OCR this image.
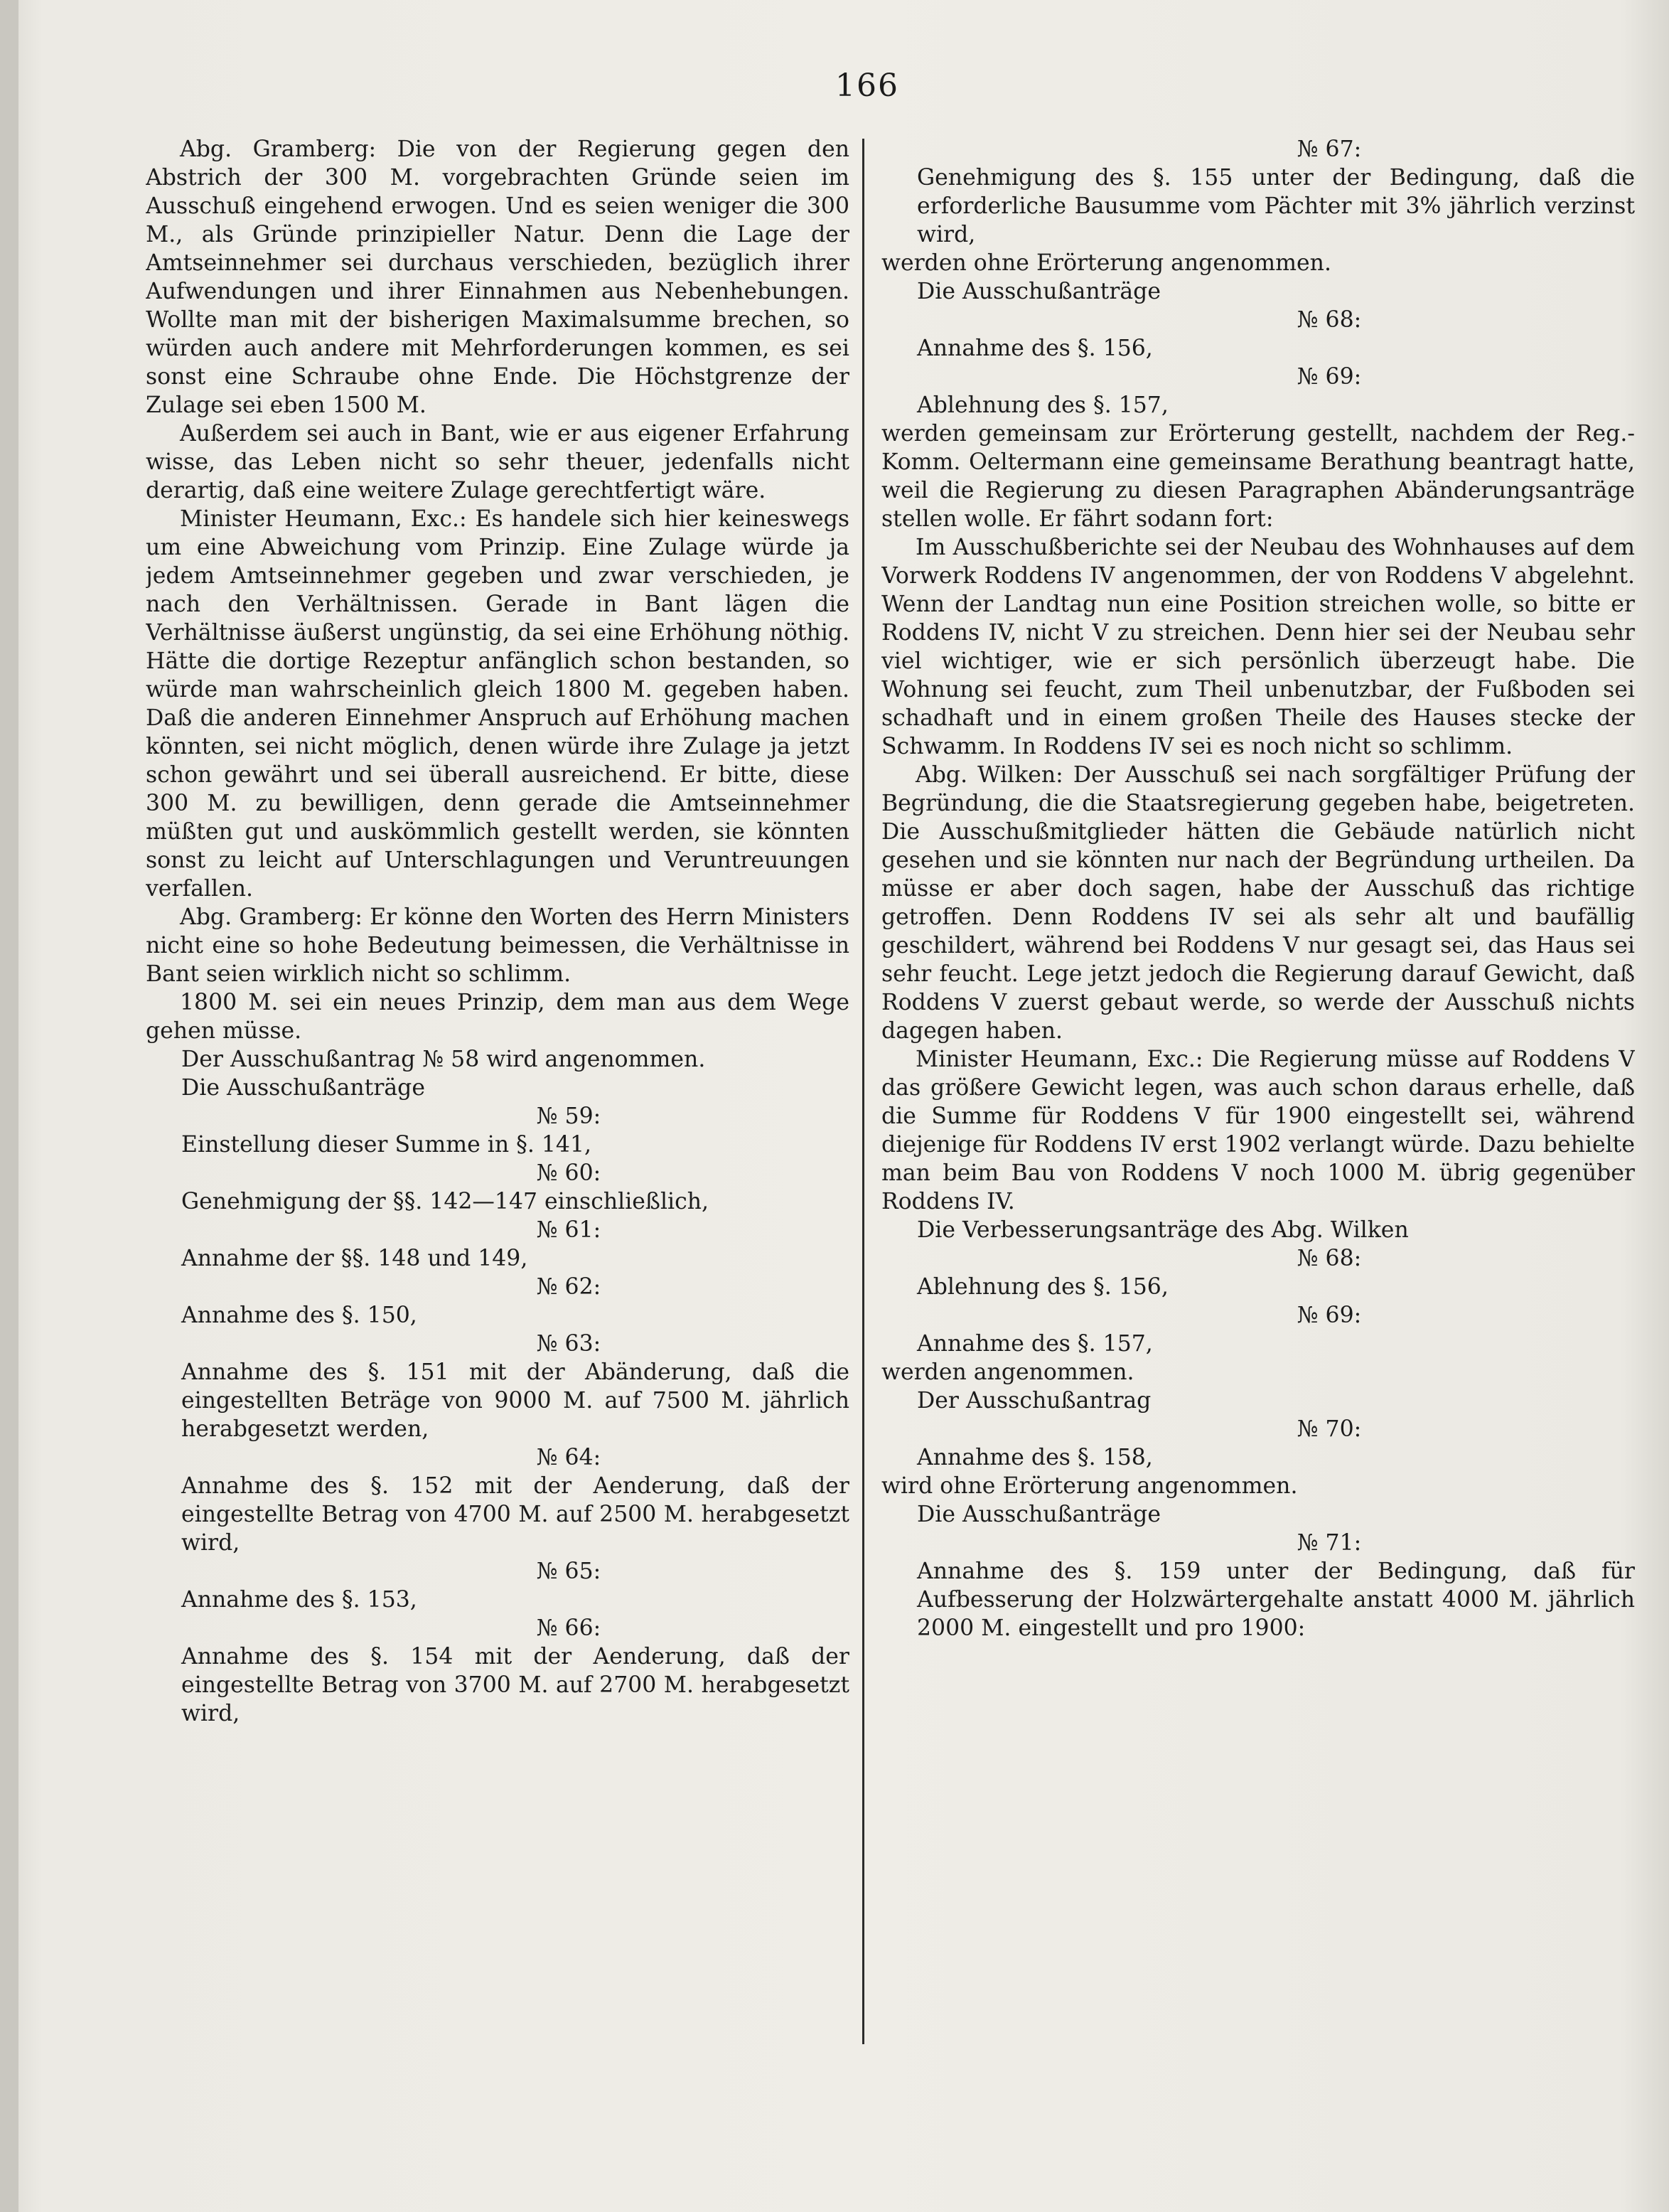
166

Abg. Gramberg: Die von der Regierung gegen den Abstrich der 300 M. vorgebrachten Gründe seien im Ausschuß eingehend erwogen. Und es seien weniger die 300 M., als Gründe prinzipieller Natur. Denn die Lage der Amtseinnehmer sei durchaus verschieden, bezüglich ihrer Aufwendungen und ihrer Einnahmen aus Nebenhebungen. Wollte man mit der bisherigen Maximalsumme brechen, so würden auch andere mit Mehrforderungen kommen, es sei sonst eine Schraube ohne Ende. Die Höchstgrenze der Zulage sei eben 1500 M.

Außerdem sei auch in Bant, wie er aus eigener Erfahrung wisse, das Leben nicht so sehr theuer, jedenfalls nicht derartig, daß eine weitere Zulage gerechtfertigt wäre.

Minister Heumann, Exc.: Es handele sich hier keineswegs um eine Abweichung vom Prinzip. Eine Zulage würde ja jedem Amtseinnehmer gegeben und zwar verschieden, je nach den Verhältnissen. Gerade in Bant lägen die Verhältnisse äußerst ungünstig, da sei eine Erhöhung nöthig. Hätte die dortige Rezeptur anfänglich schon bestanden, so würde man wahrscheinlich gleich 1800 M. gegeben haben. Daß die anderen Einnehmer Anspruch auf Erhöhung machen könnten, sei nicht möglich, denen würde ihre Zulage ja jetzt schon gewährt und sei überall ausreichend. Er bitte, diese 300 M. zu bewilligen, denn gerade die Amtseinnehmer müßten gut und auskömmlich gestellt werden, sie könnten sonst zu leicht auf Unterschlagungen und Veruntreuungen verfallen.

Abg. Gramberg: Er könne den Worten des Herrn Ministers nicht eine so hohe Bedeutung beimessen, die Verhältnisse in Bant seien wirklich nicht so schlimm.

1800 M. sei ein neues Prinzip, dem man aus dem Wege gehen müsse.

Der Ausschußantrag № 58 wird angenommen.

Die Ausschußanträge

№ 59:

Einstellung dieser Summe in §. 141,

№ 60:

Genehmigung der §§. 142—147 einschließlich,

№ 61:

Annahme der §§. 148 und 149,

№ 62:

Annahme des §. 150,

№ 63:

Annahme des §. 151 mit der Abänderung, daß die eingestellten Beträge von 9000 M. auf 7500 M. jährlich herabgesetzt werden,

№ 64:

Annahme des §. 152 mit der Aenderung, daß der eingestellte Betrag von 4700 M. auf 2500 M. herabgesetzt wird,

№ 65:

Annahme des §. 153,

№ 66:

Annahme des §. 154 mit der Aenderung, daß der eingestellte Betrag von 3700 M. auf 2700 M. herabgesetzt wird,

№ 67:

Genehmigung des §. 155 unter der Bedingung, daß die erforderliche Bausumme vom Pächter mit 3% jährlich verzinst wird,

werden ohne Erörterung angenommen.

Die Ausschußanträge

№ 68:

Annahme des §. 156,

№ 69:

Ablehnung des §. 157,

werden gemeinsam zur Erörterung gestellt, nachdem der Reg.-Komm. Oeltermann eine gemeinsame Berathung beantragt hatte, weil die Regierung zu diesen Paragraphen Abänderungsanträge stellen wolle. Er fährt sodann fort:

Im Ausschußberichte sei der Neubau des Wohnhauses auf dem Vorwerk Roddens IV angenommen, der von Roddens V abgelehnt. Wenn der Landtag nun eine Position streichen wolle, so bitte er Roddens IV, nicht V zu streichen. Denn hier sei der Neubau sehr viel wichtiger, wie er sich persönlich überzeugt habe. Die Wohnung sei feucht, zum Theil unbenutzbar, der Fußboden sei schadhaft und in einem großen Theile des Hauses stecke der Schwamm. In Roddens IV sei es noch nicht so schlimm.

Abg. Wilken: Der Ausschuß sei nach sorgfältiger Prüfung der Begründung, die die Staatsregierung gegeben habe, beigetreten. Die Ausschußmitglieder hätten die Gebäude natürlich nicht gesehen und sie könnten nur nach der Begründung urtheilen. Da müsse er aber doch sagen, habe der Ausschuß das richtige getroffen. Denn Roddens IV sei als sehr alt und baufällig geschildert, während bei Roddens V nur gesagt sei, das Haus sei sehr feucht. Lege jetzt jedoch die Regierung darauf Gewicht, daß Roddens V zuerst gebaut werde, so werde der Ausschuß nichts dagegen haben.

Minister Heumann, Exc.: Die Regierung müsse auf Roddens V das größere Gewicht legen, was auch schon daraus erhelle, daß die Summe für Roddens V für 1900 eingestellt sei, während diejenige für Roddens IV erst 1902 verlangt würde. Dazu behielte man beim Bau von Roddens V noch 1000 M. übrig gegenüber Roddens IV.

Die Verbesserungsanträge des Abg. Wilken

№ 68:

Ablehnung des §. 156,

№ 69:

Annahme des §. 157,

werden angenommen.

Der Ausschußantrag

№ 70:

Annahme des §. 158,

wird ohne Erörterung angenommen.

Die Ausschußanträge

№ 71:

Annahme des §. 159 unter der Bedingung, daß für Aufbesserung der Holzwärtergehalte anstatt 4000 M. jährlich 2000 M. eingestellt und pro 1900:
